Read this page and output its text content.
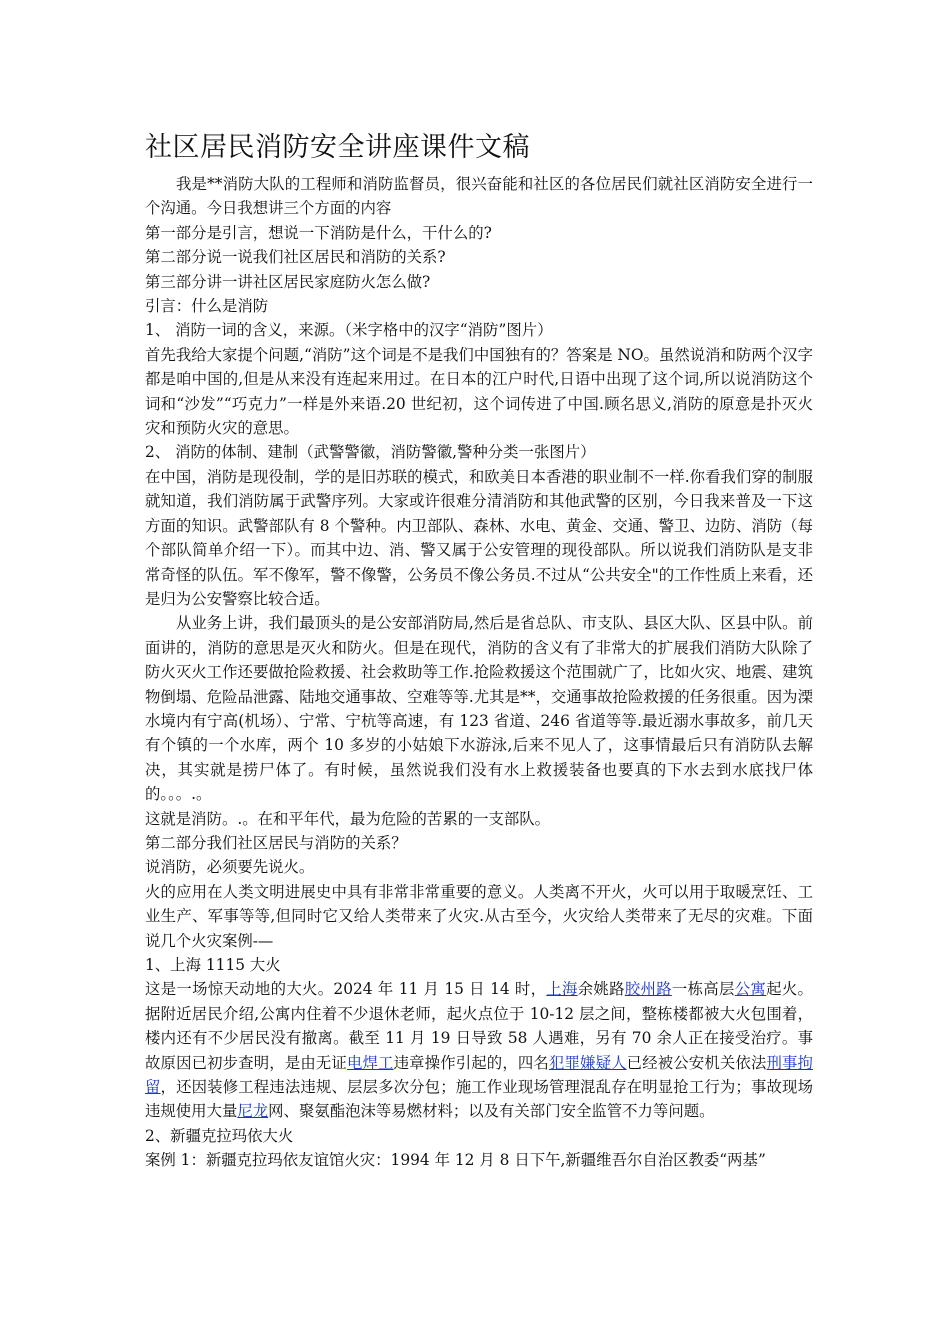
社区居民消防安全讲座课件文稿

我是**消防大队的工程师和消防监督员，很兴奋能和社区的各位居民们就社区消防安全进行一个沟通。今日我想讲三个方面的内容

第一部分是引言，想说一下消防是什么，干什么的?

第二部分说一说我们社区居民和消防的关系?

第三部分讲一讲社区居民家庭防火怎么做?

引言：什么是消防

1、 消防一词的含义，来源。（米字格中的汉字“消防”图片）

首先我给大家提个问题,“消防”这个词是不是我们中国独有的？答案是 NO。虽然说消和防两个汉字都是咱中国的,但是从来没有连起来用过。在日本的江户时代,日语中出现了这个词,所以说消防这个词和“沙发”“巧克力”一样是外来语.20 世纪初，这个词传进了中国.顾名思义,消防的原意是扑灭火灾和预防火灾的意思。

2、 消防的体制、建制（武警警徽，消防警徽,警种分类一张图片）

在中国，消防是现役制，学的是旧苏联的模式，和欧美日本香港的职业制不一样.你看我们穿的制服就知道，我们消防属于武警序列。大家或许很难分清消防和其他武警的区别，今日我来普及一下这方面的知识。武警部队有 8 个警种。内卫部队、森林、水电、黄金、交通、警卫、边防、消防（每个部队简单介绍一下）。而其中边、消、警又属于公安管理的现役部队。所以说我们消防队是支非常奇怪的队伍。军不像军，警不像警，公务员不像公务员.不过从“公共安全"的工作性质上来看，还是归为公安警察比较合适。

从业务上讲，我们最顶头的是公安部消防局,然后是省总队、市支队、县区大队、区县中队。前面讲的，消防的意思是灭火和防火。但是在现代，消防的含义有了非常大的扩展我们消防大队除了防火灭火工作还要做抢险救援、社会救助等工作.抢险救援这个范围就广了，比如火灾、地震、建筑物倒塌、危险品泄露、陆地交通事故、空难等等.尤其是**，交通事故抢险救援的任务很重。因为溧水境内有宁高(机场）、宁常、宁杭等高速，有 123 省道、246 省道等等.最近溺水事故多，前几天有个镇的一个水库，两个 10 多岁的小姑娘下水游泳,后来不见人了，这事情最后只有消防队去解决，其实就是捞尸体了。有时候，虽然说我们没有水上救援装备也要真的下水去到水底找尸体的。。。.。

这就是消防。.。在和平年代，最为危险的苦累的一支部队。

第二部分我们社区居民与消防的关系？

说消防，必须要先说火。

火的应用在人类文明进展史中具有非常非常重要的意义。人类离不开火，火可以用于取暖烹饪、工业生产、军事等等,但同时它又给人类带来了火灾.从古至今，火灾给人类带来了无尽的灾难。下面说几个火灾案例-—

1、上海 1115 大火

这是一场惊天动地的大火。2024 年 11 月 15 日 14 时，上海余姚路胶州路一栋高层公寓起火。据附近居民介绍,公寓内住着不少退休老师，起火点位于 10-12 层之间，整栋楼都被大火包围着，楼内还有不少居民没有撤离。截至 11 月 19 日导致 58 人遇难，另有 70 余人正在接受治疗。事故原因已初步查明，是由无证电焊工违章操作引起的，四名犯罪嫌疑人已经被公安机关依法刑事拘留，还因装修工程违法违规、层层多次分包；施工作业现场管理混乱存在明显抢工行为；事故现场违规使用大量尼龙网、聚氨酯泡沫等易燃材料；以及有关部门安全监管不力等问题。

2、新疆克拉玛依大火

案例 1：新疆克拉玛依友谊馆火灾：1994 年 12 月 8 日下午,新疆维吾尔自治区教委“两基”
